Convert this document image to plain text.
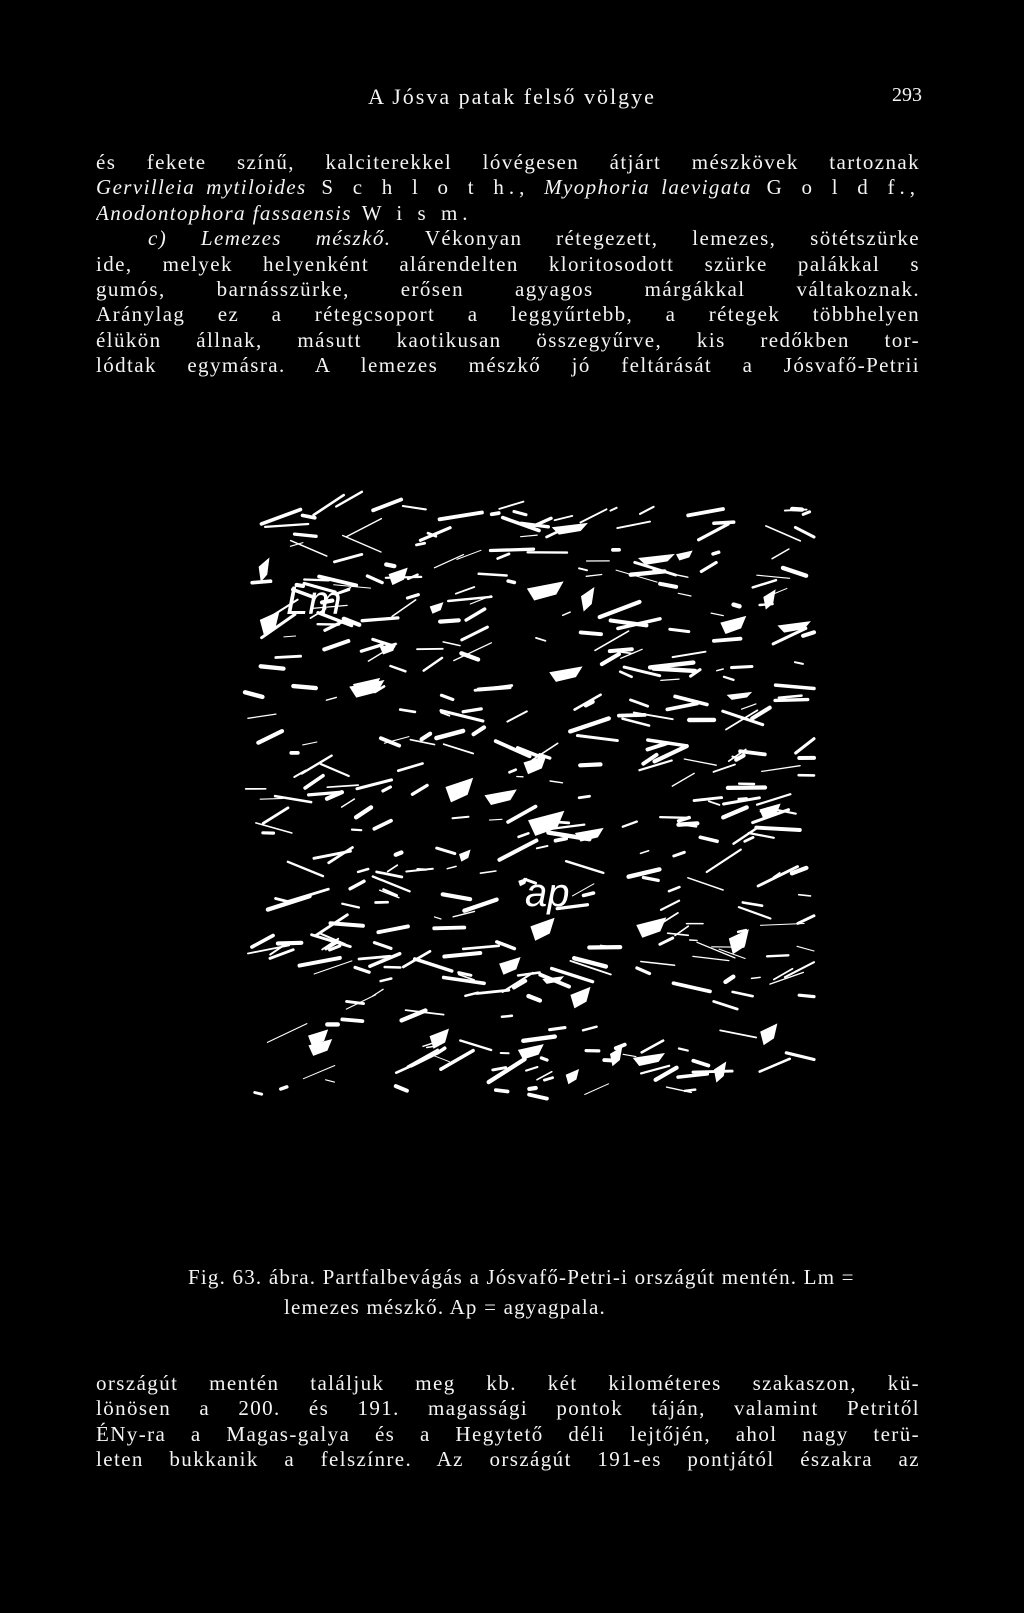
A Jósva patak felső völgye	293
és fekete színű, kalciterekkel lóvégesen átjárt mészkövek tartoznak
Gervilleia mytiloides S c h l o t h., Myophoria laevigata G o l d f.,
Anodontophora fassaensis W i s m.
c) Lemezes mészkő. Vékonyan rétegezett, lemezes, sötétszürke
ide, melyek helyenként alárendelten kloritosodott szürke palákkal s
gumós, barnásszürke, erősen agyagos márgákkal váltakoznak.
Aránylag ez a rétegcsoport a leggyűrtebb, a rétegek többhelyen
élükön állnak, másutt kaotikusan összegyűrve, kis redőkben tor-
lódtak egymásra. A lemezes mészkő jó feltárását a Jósvafő-Petrii
Lm
ap
Fig. 63. ábra. Partfalbevágás a Jósvafő-Petri-i országút mentén. Lm =
lemezes mészkő. Ap = agyagpala.
országút mentén találjuk meg kb. két kilométeres szakaszon, kü-
lönösen a 200. és 191. magassági pontok táján, valamint Petritől
ÉNy-ra a Magas-galya és a Hegytető déli lejtőjén, ahol nagy terü-
leten bukkanik a felszínre. Az országút 191-es pontjától északra az
